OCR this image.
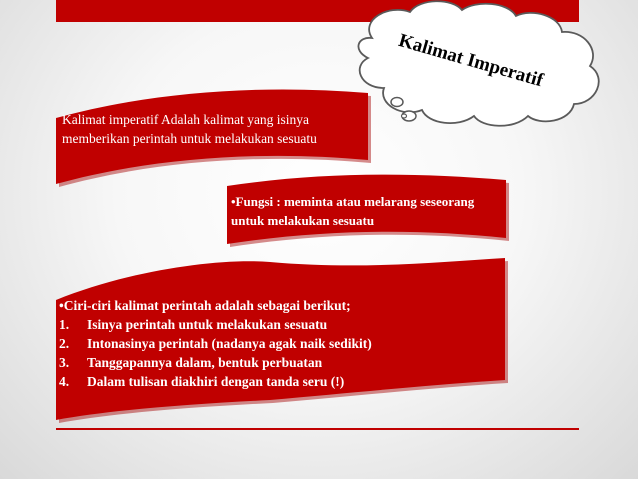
Kalimat Imperatif

Kalimat imperatif Adalah kalimat yang isinya memberikan perintah untuk melakukan sesuatu

•Fungsi : meminta atau melarang seseorang untuk melakukan sesuatu

•Ciri-ciri kalimat perintah adalah sebagai berikut;
1. Isinya perintah untuk melakukan sesuatu
2. Intonasinya perintah (nadanya agak naik sedikit)
3. Tanggapannya dalam, bentuk perbuatan
4. Dalam tulisan diakhiri dengan tanda seru (!)
